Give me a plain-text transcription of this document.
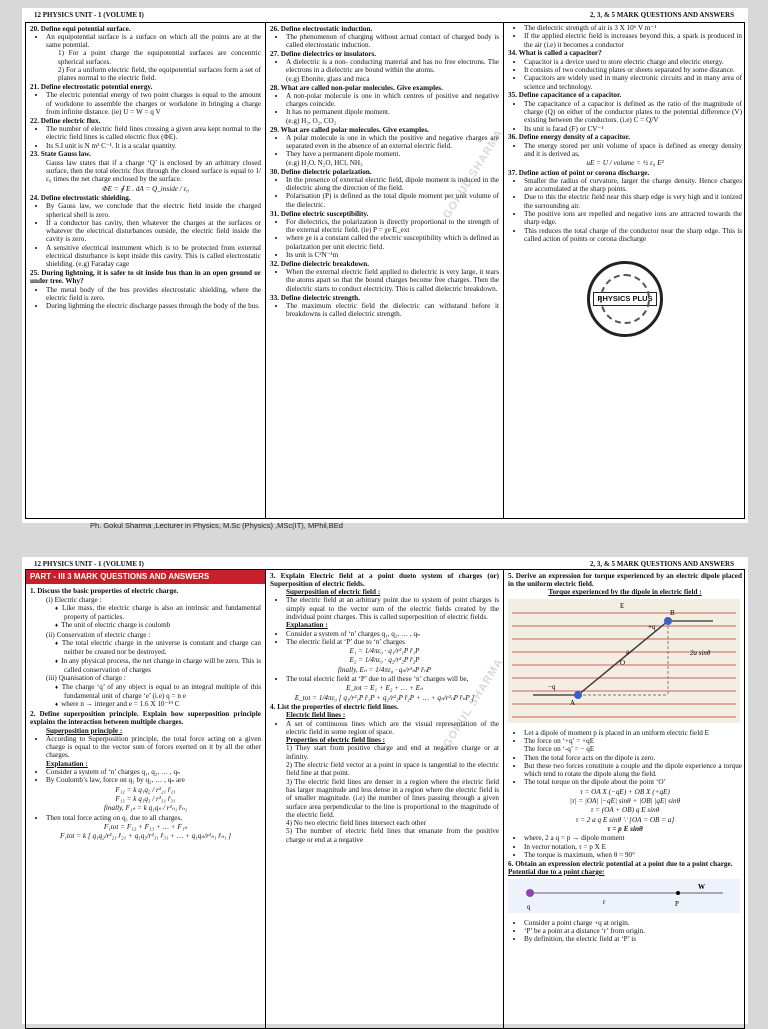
12 PHYSICS UNIT - 1 (VOLUME I)	2, 3, & 5 MARK QUESTIONS AND ANSWERS
20. Define equi potential surface.
• An equipotential surface is a surface on which all the points are at the same potential.
1) For a point charge the equipotential surfaces are concentric spherical surfaces.
2) For a uniform electric field, the equipotential surfaces form a set of planes normal to the electric field.
21. Define electrostatic potential energy.
• The electric potential energy of two point charges is equal to the amount of workdone to assemble the charges or workdone in bringing a charge from infinite distance. (ie) U = W = q V
22. Define electric flux.
• The number of electric field lines crossing a given area kept normal to the electric field lines is called electric flux (ΦE).
• Its S.I unit is N m² C⁻¹. It is a scalar quantity.
23. State Gauss law.
Gauss law states that if a charge ‘Q’ is enclosed by an arbitrary closed surface, then the total electric flux through the closed surface is equal to 1/ε₀ times the net charge enclosed by the surface.
ΦE = ∮ E . dA = Q_inside / ε₀
24. Define electrostatic shielding.
• By Gauss law, we conclude that the electric field inside the charged spherical shell is zero.
• If a conductor has cavity, then whatever the charges at the surfaces or whatever the electrical disturbances outside, the electric field inside the cavity is zero.
• A sensitive electrical instrument which is to be protected from external electrical disturbance is kept inside this cavity. This is called electrostatic shielding. (e.g) Faraday cage
25. During lightning, it is safer to sit inside bus than in an open ground or under tree. Why?
• The metal body of the bus provides electrostatic shielding, where the electric field is zero.
• During lightning the electric discharge passes through the body of the bus.
26. Define electrostatic induction.
• The phenomenon of charging without actual contact of charged body is called electrostatic induction.
27. Define dielectrics or insulators.
• A dielectric is a non- conducting material and has no free electrons. The electrons in a dielectric are bound within the atoms.
(e.g) Ebonite, glass and mica
28. What are called non-polar molecules. Give examples.
• A non-polar molecule is one in which centres of positive and negative charges coincide.
• It has no permanent dipole moment.
(e.g) H₂, O₂, CO₂
29. What are called polar molecules. Give examples.
• A polar molecule is one in which the positive and negative charges are separated even in the absence of an external electric field.
• They have a permanent dipole moment.
(e.g) H₂O, N₂O, HCl, NH₃
30. Define dielectric polarization.
• In the presence of external electric field, dipole moment is induced in the dielectric along the direction of the field.
• Polarisation (P) is defined as the total dipole moment per unit volume of the dielectric.
31. Define electric susceptibility.
• For dielectrics, the polarization is directly proportional to the strength of the external electric field. (ie) P = χe E_ext
• where χe is a constant called the electric susceptibility which is defined as polarization per unit electric field.
• Its unit is C²N⁻¹m
32. Define dielectric breakdown.
• When the external electric field applied to dielectric is very large, it tears the atoms apart so that the bound charges become free charges. Then the dielectric starts to conduct electricity. This is called dielectric breakdown.
33. Define dielectric strength.
• The maximum electric field the dielectric can withstand before it breakdowns is called dielectric strength.
• The dielectric strength of air is 3 X 10⁶ V m⁻¹
• If the applied electric field is increases beyond this, a spark is produced in the air (i.e) it becomes a conductor
34. What is called a capacitor?
• Capacitor is a device used to store electric charge and electric energy.
• It consists of two conducting plates or sheets separated by some distance.
• Capacitors are widely used in many electronic circuits and in many area of science and technology.
35. Define capacitance of a capacitor.
• The capacitance of a capacitor is defined as the ratio of the magnitude of charge (Q) on either of the conductor plates to the potential difference (V) existing between the conductors. (i.e) C = Q/V
• Its unit is farad (F) or CV⁻¹
36. Define energy density of a capacitor.
• The energy stored per unit volume of space is defined as energy density and it is derived as,
uE = U / volume = ½ ε₀ E²
37. Define action of point or corona discharge.
• Smaller the radius of curvature, larger the charge density. Hence charges are accumulated at the sharp points.
• Due to this the electric field near this sharp edge is very high and it ionized the surrounding air.
• The positive ions are repelled and negative ions are attracted towards the sharp edge.
• This reduces the total charge of the conductor near the sharp edge. This is called action of points or corona discharge
PHYSICS PLUS
GOKUL SHARMA
Ph. Gokul Sharma ,Lecturer in Physics, M.Sc (Physics) ,MSc(IT), MPhil,BEd
12 PHYSICS UNIT - 1 (VOLUME I)	2, 3, & 5 MARK QUESTIONS AND ANSWERS
PART - III 3 MARK QUESTIONS AND ANSWERS
1. Discuss the basic properties of electric charge.
(i) Electric charge :
♦ Like mass, the electric charge is also an intrinsic and fundamental property of particles.
♦ The unit of electric charge is coulomb
(ii) Conservation of electric charge :
♦ The total electric charge in the universe is constant and charge can neither be created nor be destroyed.
♦ In any physical process, the net change in charge will be zero. This is called conservation of charges
(iii) Quanisation of charge :
♦ The charge ‘q’ of any object is equal to an integral multiple of this fundamental unit of charge ‘e’ (i.e) q = n e
♦ where n → integer and e = 1.6 X 10⁻¹⁹ C
2. Define superposition principle. Explain how superposition principle explains the interaction between multiple charges.
Superposition principle :
• According to Superposition principle, the total force acting on a given charge is equal to the vector sum of forces exerted on it by all the other charges.
Explanation :
• Consider a system of ‘n’ charges q₁, q₂, … , qₙ
• By Coulomb’s law, force on q₁ by q₂, … , qₙ are
F₁₂ = k q₁q₂ / r²₂₁ r̂₂₁
F₁₃ = k q₁q₃ / r²₃₁ r̂₃₁
finally, F₁ₙ = k q₁qₙ / r²ₙ₁ r̂ₙ₁
• Then total force acting on q₁ due to all charges,
F₁tot = F₁₂ + F₁₃ + … + F₁ₙ
F₁tot = k [ q₁q₂/r²₂₁ r̂₂₁ + q₁q₃/r²₃₁ r̂₃₁ + … + q₁qₙ/r²ₙ₁ r̂ₙ₁ ]
3. Explain Electric field at a point dueto system of charges (or) Superposition of electric fields.
Superposition of electric field :
• The electric field at an arbitrary point due to system of point charges is simply equal to the vector sum of the electric fields created by the individual point charges. This is called superposition of electric fields.
Explanation :
• Consider a system of ‘n’ charges q₁, q₂, … , qₙ
• The electric field at ‘P’ due to ‘n’ charges
E₁ = 1/4πε₀ · q₁/r²₁P r̂₁P
E₂ = 1/4πε₀ · q₂/r²₂P r̂₂P
finally, Eₙ = 1/4πε₀ · qₙ/r²ₙP r̂ₙP
• The total electric field at ‘P’ due to all these ‘n’ charges will be,
E_tot = E₁ + E₂ + … + Eₙ
E_tot = 1/4πε₀ [ q₁/r²₁P r̂₁P + q₂/r²₂P r̂₂P + … + qₙ/r²ₙP r̂ₙP ]
4. List the properties of electric field lines.
Electric field lines :
• A set of continuous lines which are the visual representation of the electric field in some region of space.
Properties of electric field lines :
1) They start from positive charge and end at negative charge or at infinity.
2) The electric field vector at a point in space is tangential to the electric field line at that point.
3) The electric field lines are denser in a region where the electric field has larger magnitude and less dense in a region where the electric field is of smaller magnitude. (i.e) the number of lines passing through a given surface area perpendicular to the line is proportional to the magnitude of the electric field.
4) No two electric field lines intersect each other
5) The number of electric field lines that emanate from the positive charge or end at a negative
5. Derive an expression for torque experienced by an electric dipole placed in the uniform electric field.
Torque experienced by the dipole in electric field :
E
+q
B
a
O
A
−q
2a sinθ
• Let a dipole of moment p is placed in an uniform electric field E
• The force on ‘+q’ = +qE
The force on ‘-q’ = − qE
• Then the total force acts on the dipole is zero.
• But these two forces constitute a couple and the dipole experience a torque which tend to rotate the dipole along the field.
• The total torque on the dipole about the point ‘O’
τ = OA X (−qE) + OB X (+qE)
|τ| = |OA| |−qE| sinθ + |OB| |qE| sinθ
τ = (OA + OB) q E sinθ
τ = 2 a q E sinθ ∵ [OA = OB = a]
τ = p E sinθ
• where, 2 a q = p → dipole moment
• In vector notation, τ = p X E
• The torque is maximum, when θ = 90°
6. Obtain an expression electric potential at a point due to a point charge.
Potential due to a point charge:
q
r	P
W
• Consider a point charge +q at origin.
• ‘P’ be a point at a distance ‘r’ from origin.
• By definition, the electric field at ‘P’ is
GOKUL SHARMA
